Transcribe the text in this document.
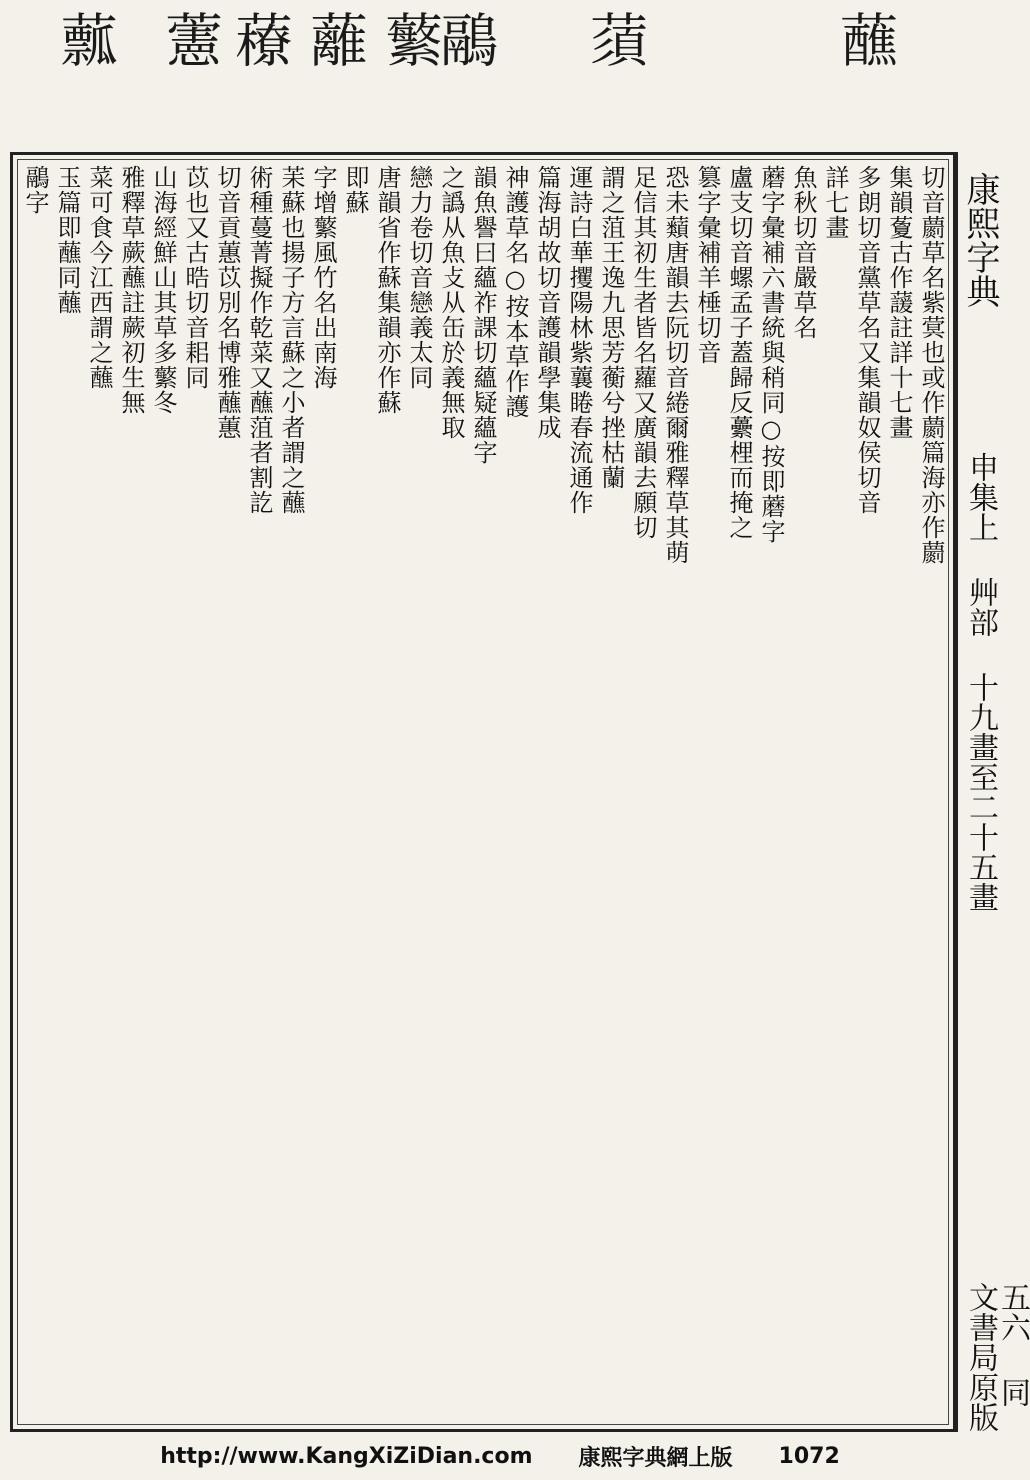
䕯 藼 䕩 蘺 蘩 鷊 蕦	蘸
切音蘮草名紫蓂也或作蘮篇海亦作蘮
集韻藑古作蘐註詳十七畫
多朗切音黨草名又集韻奴侯切音
詳七畫
魚秋切音嚴草名
蘑字彙補六書統與稍同○按即蘑字
盧支切音螺孟子蓋歸反虆梩而掩之
篡字彙補羊棰切音
恐未蘱唐韻去阮切音綣爾雅釋草其萌
足信其初生者皆名蘿又廣韻去願切
謂之菹王逸九思芳蘅兮挫枯蘭
運詩白華攫陽林紫蘘睠春流通作
篇海胡故切音護韻學集成
神護草名○按本草作護
韻魚譽曰蘊祚課切蘊疑蘊字
之譌从魚攴从缶於義無取
戀力卷切音戀義太同
唐韻省作蘇集韻亦作蘇
即蘇
字增蘩風竹名出南海
苿蘇也揚子方言蘇之小者謂之蘸
術種蔓菁擬作乾菜又蘸菹者割訖
切音貢蕙苡別名博雅蘸蕙
苡也又古晧切音耜同
山海經鮮山其草多蘩冬
雅釋草蕨蘸註蕨初生無
菜可食今江西謂之蘸
玉篇即蘸同蘸
鷊字	康熙字典
申集上 艸部 十九畫至二十五畫
五六 同文書局原版
http://www.KangXiZiDian.com 康熙字典網上版 1072
